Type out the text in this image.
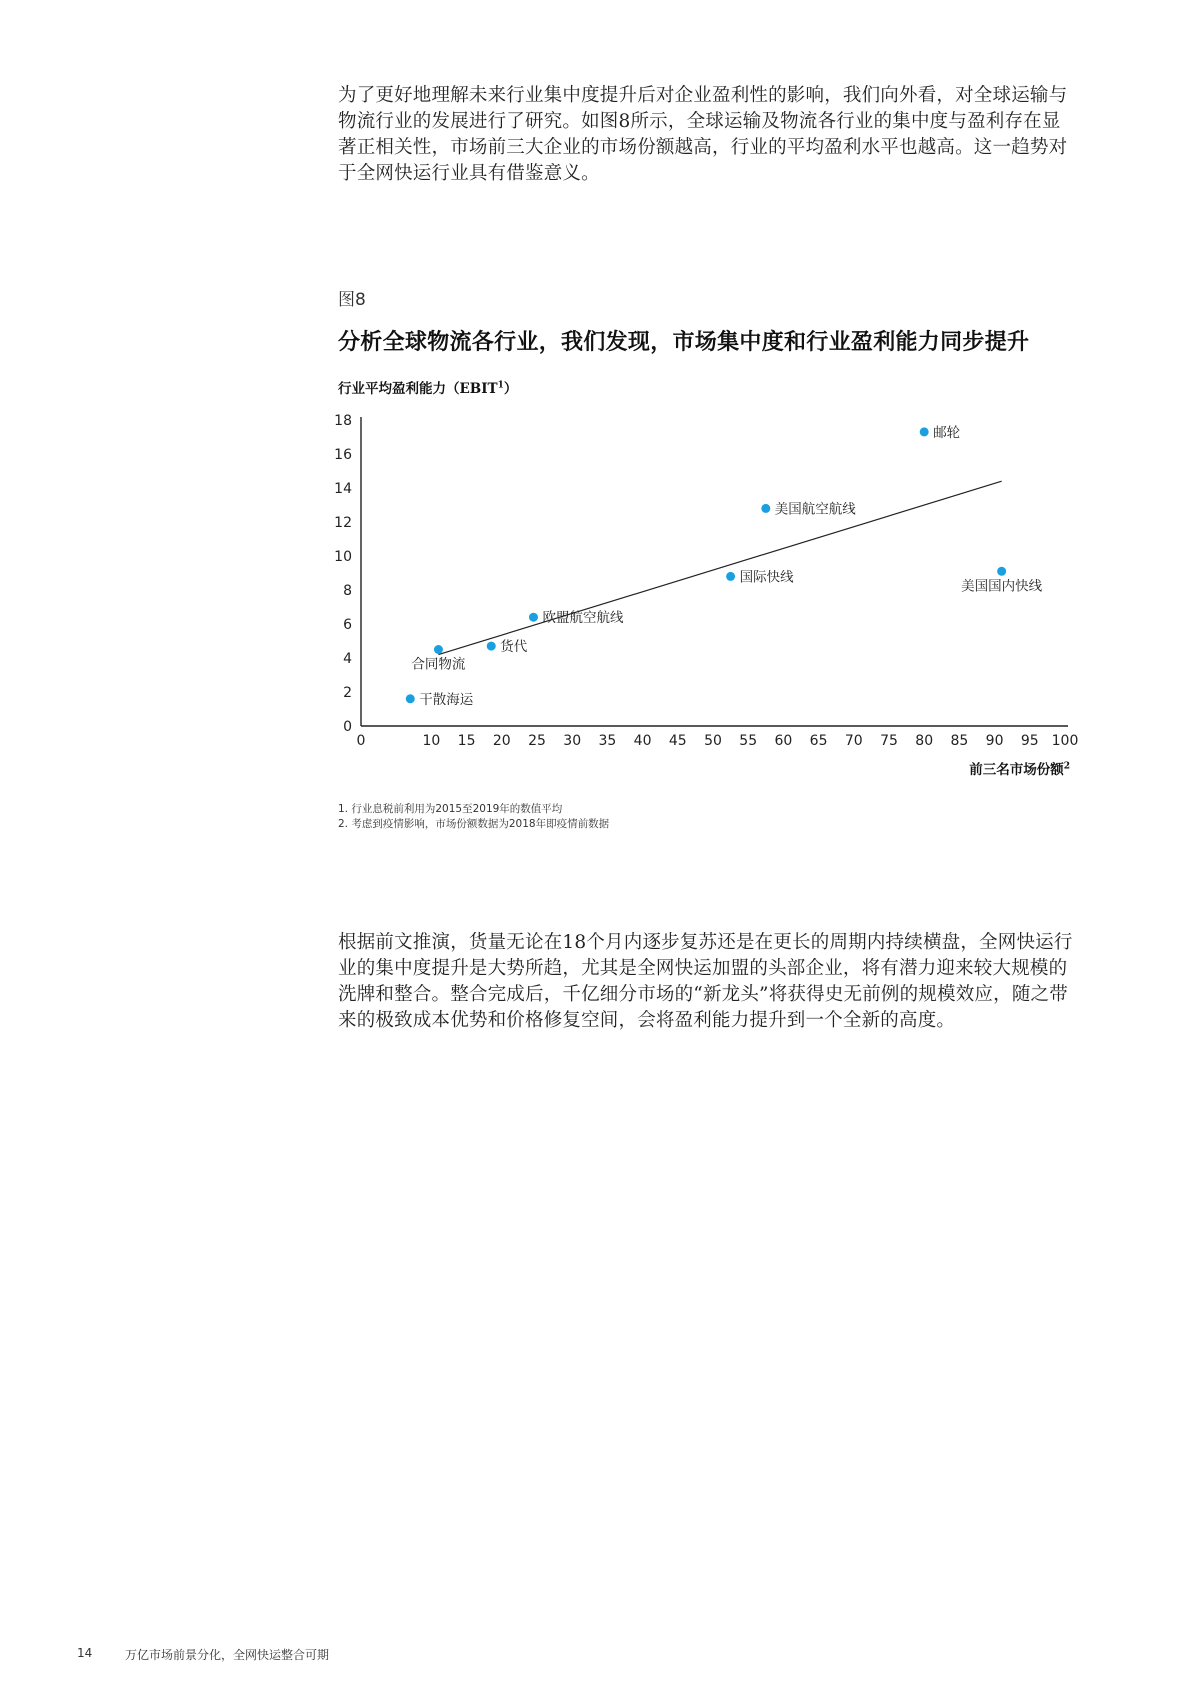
为了更好地理解未来行业集中度提升后对企业盈利性的影响，我们向外看，对全球运输与物流行业的发展进行了研究。如图8所示，全球运输及物流各行业的集中度与盈利存在显著正相关性，市场前三大企业的市场份额越高，行业的平均盈利水平也越高。这一趋势对于全网快运行业具有借鉴意义。

图8
分析全球物流各行业，我们发现，市场集中度和行业盈利能力同步提升
行业平均盈利能力（EBIT$^1$）
0
2
4
6
8
10
12
14
16
18
0	10 15 20 25 30 35 40 45 50 55 60 65 70 75 80 85 90 95 100
干散海运
合同物流
货代
欧盟航空航线
国际快线
美国航空航线
邮轮
美国国内快线
前三名市场份额$^2$
1. 行业息税前利用为2015至2019年的数值平均
2. 考虑到疫情影响，市场份额数据为2018年即疫情前数据

根据前文推演，货量无论在18个月内逐步复苏还是在更长的周期内持续横盘，全网快运行业的集中度提升是大势所趋，尤其是全网快运加盟的头部企业，将有潜力迎来较大规模的洗牌和整合。整合完成后，千亿细分市场的“新龙头”将获得史无前例的规模效应，随之带来的极致成本优势和价格修复空间，会将盈利能力提升到一个全新的高度。

14	万亿市场前景分化，全网快运整合可期
